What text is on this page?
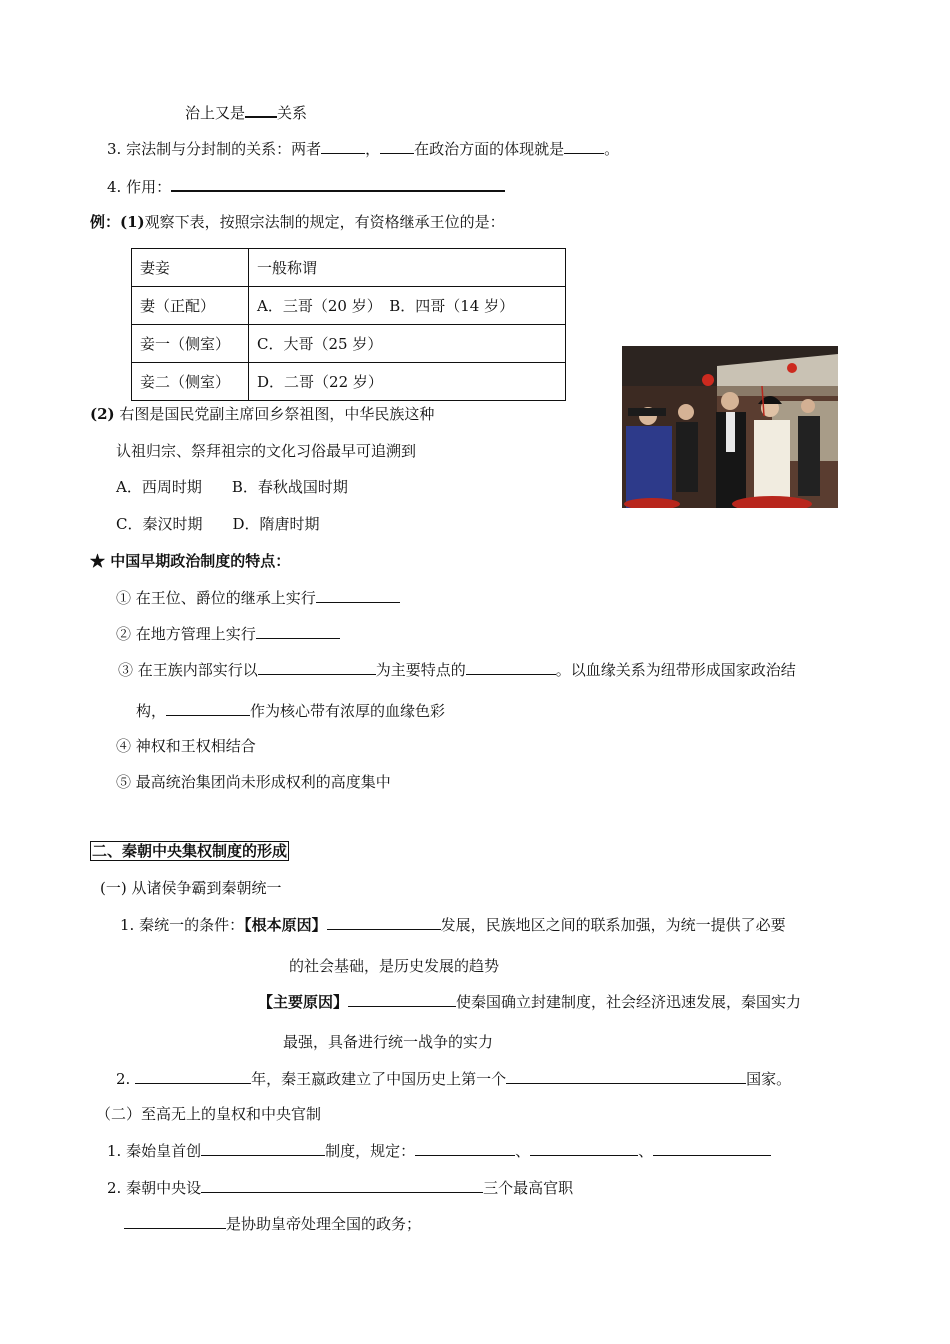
治上又是 关系
3. 宗法制与分封制的关系：两者	， 在政治方面的体现就是	。
4. 作用：
例：(1)观察下表，按照宗法制的规定，有资格继承王位的是：
妻妾	一般称谓
妻（正配）	A．三哥（20 岁）　B．四哥（14 岁）
妾一（侧室）	C．大哥（25 岁）
妾二（侧室）	D．二哥（22 岁）
(2) 右图是国民党副主席回乡祭祖图，中华民族这种
认祖归宗、祭拜祖宗的文化习俗最早可追溯到
A．西周时期　　B．春秋战国时期
C．秦汉时期　　D．隋唐时期
★ 中国早期政治制度的特点：
① 在王位、爵位的继承上实行
② 在地方管理上实行
③ 在王族内部实行以	为主要特点的	。以血缘关系为纽带形成国家政治结
构，	作为核心带有浓厚的血缘色彩
④ 神权和王权相结合
⑤ 最高统治集团尚未形成权利的高度集中
二、秦朝中央集权制度的形成
(一) 从诸侯争霸到秦朝统一
1. 秦统一的条件：【根本原因】	发展，民族地区之间的联系加强，为统一提供了必要
的社会基础，是历史发展的趋势
【主要原因】	使秦国确立封建制度，社会经济迅速发展，秦国实力
最强，具备进行统一战争的实力
2.	年，秦王嬴政建立了中国历史上第一个	国家。
（二）至高无上的皇权和中央官制
1. 秦始皇首创	制度，规定：	、	、
2. 秦朝中央设	三个最高官职
是协助皇帝处理全国的政务；
